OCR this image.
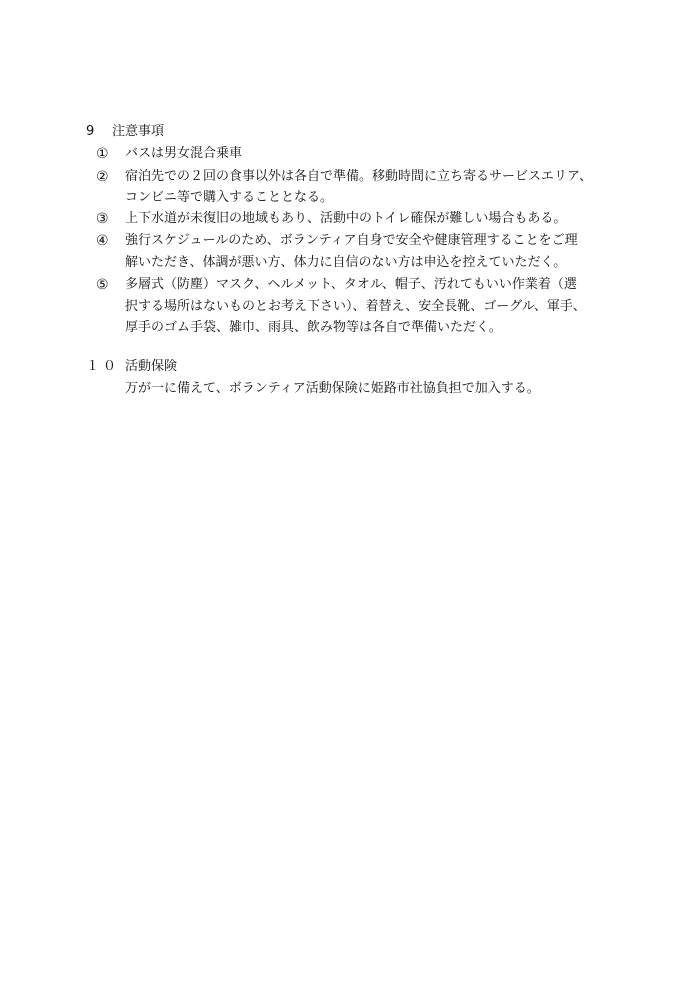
9 注意事項
① バスは男女混合乗車
② 宿泊先での２回の食事以外は各自で準備。移動時間に立ち寄るサービスエリア、
コンビニ等で購入することとなる。
③ 上下水道が未復旧の地域もあり、活動中のトイレ確保が難しい場合もある。
④ 強行スケジュールのため、ボランティア自身で安全や健康管理することをご理
解いただき、体調が悪い方、体力に自信のない方は申込を控えていただく。
⑤ 多層式（防塵）マスク、ヘルメット、タオル、帽子、汚れてもいい作業着（選
択する場所はないものとお考え下さい）、着替え、安全長靴、ゴーグル、軍手、
厚手のゴム手袋、雑巾、雨具、飲み物等は各自で準備いただく。
１０ 活動保険
万が一に備えて、ボランティア活動保険に姫路市社協負担で加入する。
